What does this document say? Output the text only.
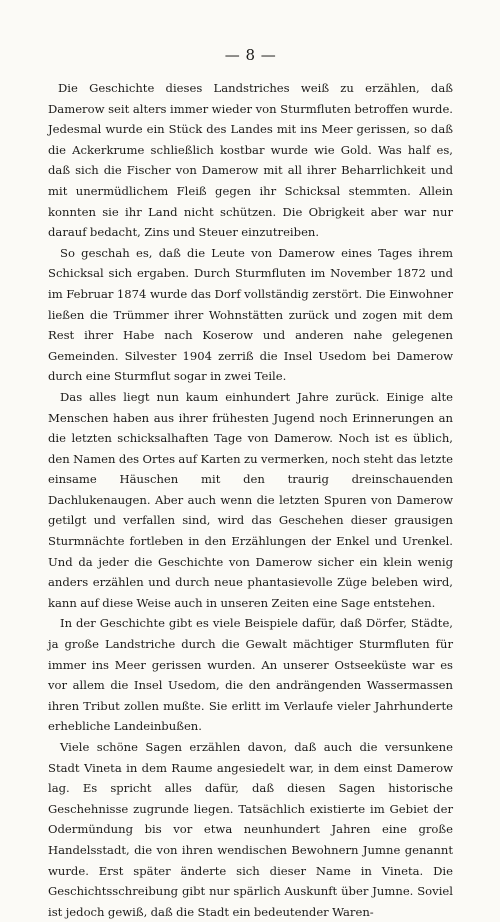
— 8 —

Die Geschichte dieses Landstriches weiß zu erzählen, daß Damerow seit alters immer wieder von Sturmfluten betroffen wurde. Jedesmal wurde ein Stück des Landes mit ins Meer gerissen, so daß die Ackerkrume schließlich kostbar wurde wie Gold. Was half es, daß sich die Fischer von Damerow mit all ihrer Beharrlichkeit und mit unermüdlichem Fleiß gegen ihr Schicksal stemmten. Allein konnten sie ihr Land nicht schützen. Die Obrigkeit aber war nur darauf bedacht, Zins und Steuer einzutreiben.

So geschah es, daß die Leute von Damerow eines Tages ihrem Schicksal sich ergaben. Durch Sturmfluten im November 1872 und im Februar 1874 wurde das Dorf vollständig zerstört. Die Einwohner ließen die Trümmer ihrer Wohnstätten zurück und zogen mit dem Rest ihrer Habe nach Koserow und anderen nahe gelegenen Gemeinden. Silvester 1904 zerriß die Insel Usedom bei Damerow durch eine Sturmflut sogar in zwei Teile.

Das alles liegt nun kaum einhundert Jahre zurück. Einige alte Menschen haben aus ihrer frühesten Jugend noch Erinnerungen an die letzten schicksalhaften Tage von Damerow. Noch ist es üblich, den Namen des Ortes auf Karten zu vermerken, noch steht das letzte einsame Häuschen mit den traurig dreinschauenden Dachlukenaugen. Aber auch wenn die letzten Spuren von Damerow getilgt und verfallen sind, wird das Geschehen dieser grausigen Sturmnächte fortleben in den Erzählungen der Enkel und Urenkel. Und da jeder die Geschichte von Damerow sicher ein klein wenig anders erzählen und durch neue phantasievolle Züge beleben wird, kann auf diese Weise auch in unseren Zeiten eine Sage entstehen.

In der Geschichte gibt es viele Beispiele dafür, daß Dörfer, Städte, ja große Landstriche durch die Gewalt mächtiger Sturmfluten für immer ins Meer gerissen wurden. An unserer Ostseeküste war es vor allem die Insel Usedom, die den andrängenden Wassermassen ihren Tribut zollen mußte. Sie erlitt im Verlaufe vieler Jahrhunderte erhebliche Landeinbußen.

Viele schöne Sagen erzählen davon, daß auch die versunkene Stadt Vineta in dem Raume angesiedelt war, in dem einst Damerow lag. Es spricht alles dafür, daß diesen Sagen historische Geschehnisse zugrunde liegen. Tatsächlich existierte im Gebiet der Odermündung bis vor etwa neunhundert Jahren eine große Handelsstadt, die von ihren wendischen Bewohnern Jumne genannt wurde. Erst später änderte sich dieser Name in Vineta. Die Geschichtsschreibung gibt nur spärlich Auskunft über Jumne. Soviel ist jedoch gewiß, daß die Stadt ein bedeutender Waren-
